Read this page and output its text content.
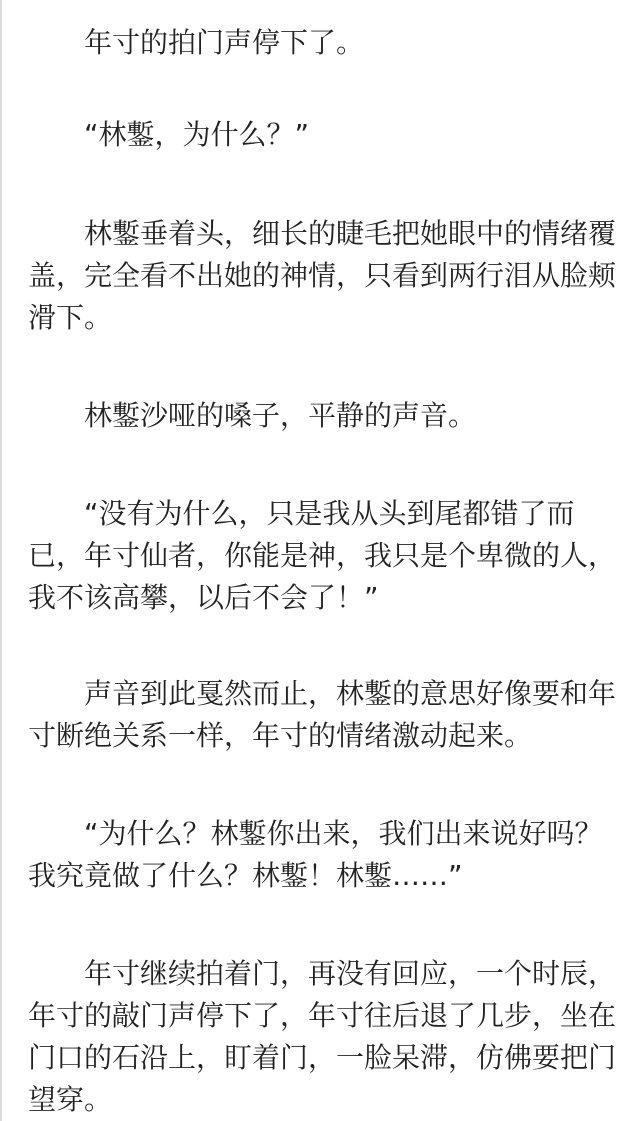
年寸的拍门声停下了。

“林鏨，为什么？”

林鏨垂着头，细长的睫毛把她眼中的情绪覆盖，完全看不出她的神情，只看到两行泪从脸颊滑下。

林鏨沙哑的嗓子，平静的声音。

“没有为什么，只是我从头到尾都错了而已，年寸仙者，你能是神，我只是个卑微的人，我不该高攀，以后不会了！”

声音到此戛然而止，林鏨的意思好像要和年寸断绝关系一样，年寸的情绪激动起来。

“为什么？林鏨你出来，我们出来说好吗？我究竟做了什么？林鏨！林鏨……”

年寸继续拍着门，再没有回应，一个时辰，年寸的敲门声停下了，年寸往后退了几步，坐在门口的石沿上，盯着门，一脸呆滞，仿佛要把门望穿。
